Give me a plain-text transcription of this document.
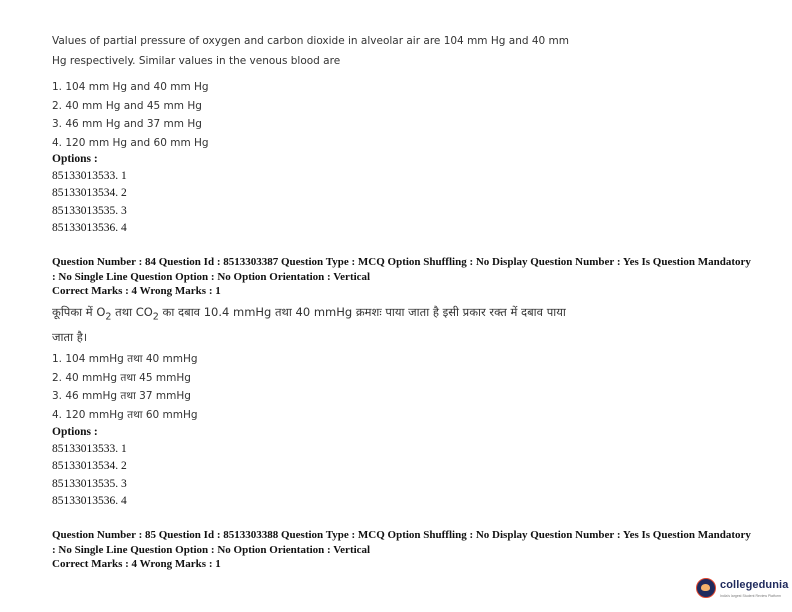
Values of partial pressure of oxygen and carbon dioxide in alveolar air are 104 mm Hg and 40 mm Hg respectively. Similar values in the venous blood are
1. 104 mm Hg and 40 mm Hg
2. 40 mm Hg and 45 mm Hg
3. 46 mm Hg and 37 mm Hg
4. 120 mm Hg and 60 mm Hg
Options :
85133013533. 1
85133013534. 2
85133013535. 3
85133013536. 4
Question Number : 84 Question Id : 8513303387 Question Type : MCQ Option Shuffling : No Display Question Number : Yes Is Question Mandatory : No Single Line Question Option : No Option Orientation : Vertical
Correct Marks : 4 Wrong Marks : 1
कूपिका में $O_2$ तथा $CO_2$ का दबाव 10.4 mmHg तथा 40 mmHg क्रमशः पाया जाता है इसी प्रकार रक्त में दबाव पाया जाता है।
1. 104 mmHg तथा 40 mmHg
2. 40 mmHg तथा 45 mmHg
3. 46 mmHg तथा 37 mmHg
4. 120 mmHg तथा 60 mmHg
Options :
85133013533. 1
85133013534. 2
85133013535. 3
85133013536. 4
Question Number : 85 Question Id : 8513303388 Question Type : MCQ Option Shuffling : No Display Question Number : Yes Is Question Mandatory : No Single Line Question Option : No Option Orientation : Vertical
Correct Marks : 4 Wrong Marks : 1
collegedunia
India's largest Student Review Platform
